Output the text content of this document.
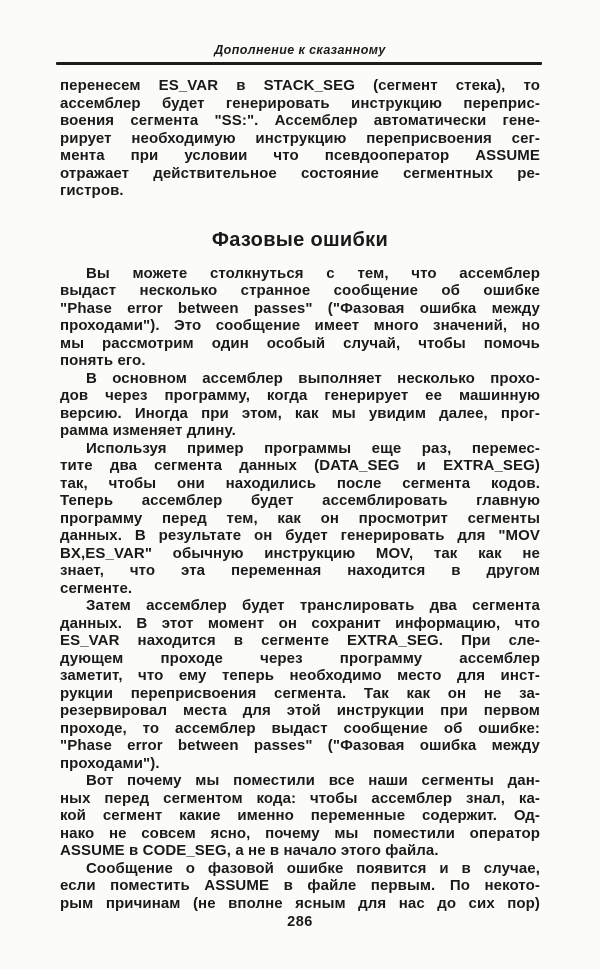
Дополнение к сказанному
перенесем ES_VAR в STACK_SEG (сегмент стека), то
ассемблер будет генерировать инструкцию переприс-
воения сегмента "SS:". Ассемблер автоматически гене-
рирует необходимую инструкцию переприсвоения сег-
мента при условии что псевдооператор ASSUME
отражает действительное состояние сегментных ре-
гистров.
Фазовые ошибки
Вы можете столкнуться с тем, что ассемблер
выдаст несколько странное сообщение об ошибке
"Phase error between passes" ("Фазовая ошибка между
проходами"). Это сообщение имеет много значений, но
мы рассмотрим один особый случай, чтобы помочь
понять его.
В основном ассемблер выполняет несколько прохо-
дов через программу, когда генерирует ее машинную
версию. Иногда при этом, как мы увидим далее, прог-
рамма изменяет длину.
Используя пример программы еще раз, перемес-
тите два сегмента данных (DATA_SEG и EXTRA_SEG)
так, чтобы они находились после сегмента кодов.
Теперь ассемблер будет ассемблировать главную
программу перед тем, как он просмотрит сегменты
данных. В результате он будет генерировать для "MOV
BX,ES_VAR" обычную инструкцию MOV, так как не
знает, что эта переменная находится в другом
сегменте.
Затем ассемблер будет транслировать два сегмента
данных. В этот момент он сохранит информацию, что
ES_VAR находится в сегменте EXTRA_SEG. При сле-
дующем проходе через программу ассемблер
заметит, что ему теперь необходимо место для инст-
рукции переприсвоения сегмента. Так как он не за-
резервировал места для этой инструкции при первом
проходе, то ассемблер выдаст сообщение об ошибке:
"Phase error between passes" ("Фазовая ошибка между
проходами").
Вот почему мы поместили все наши сегменты дан-
ных перед сегментом кода: чтобы ассемблер знал, ка-
кой сегмент какие именно переменные содержит. Од-
нако не совсем ясно, почему мы поместили оператор
ASSUME в CODE_SEG, а не в начало этого файла.
Сообщение о фазовой ошибке появится и в случае,
если поместить ASSUME в файле первым. По некото-
рым причинам (не вполне ясным для нас до сих пор)
286
